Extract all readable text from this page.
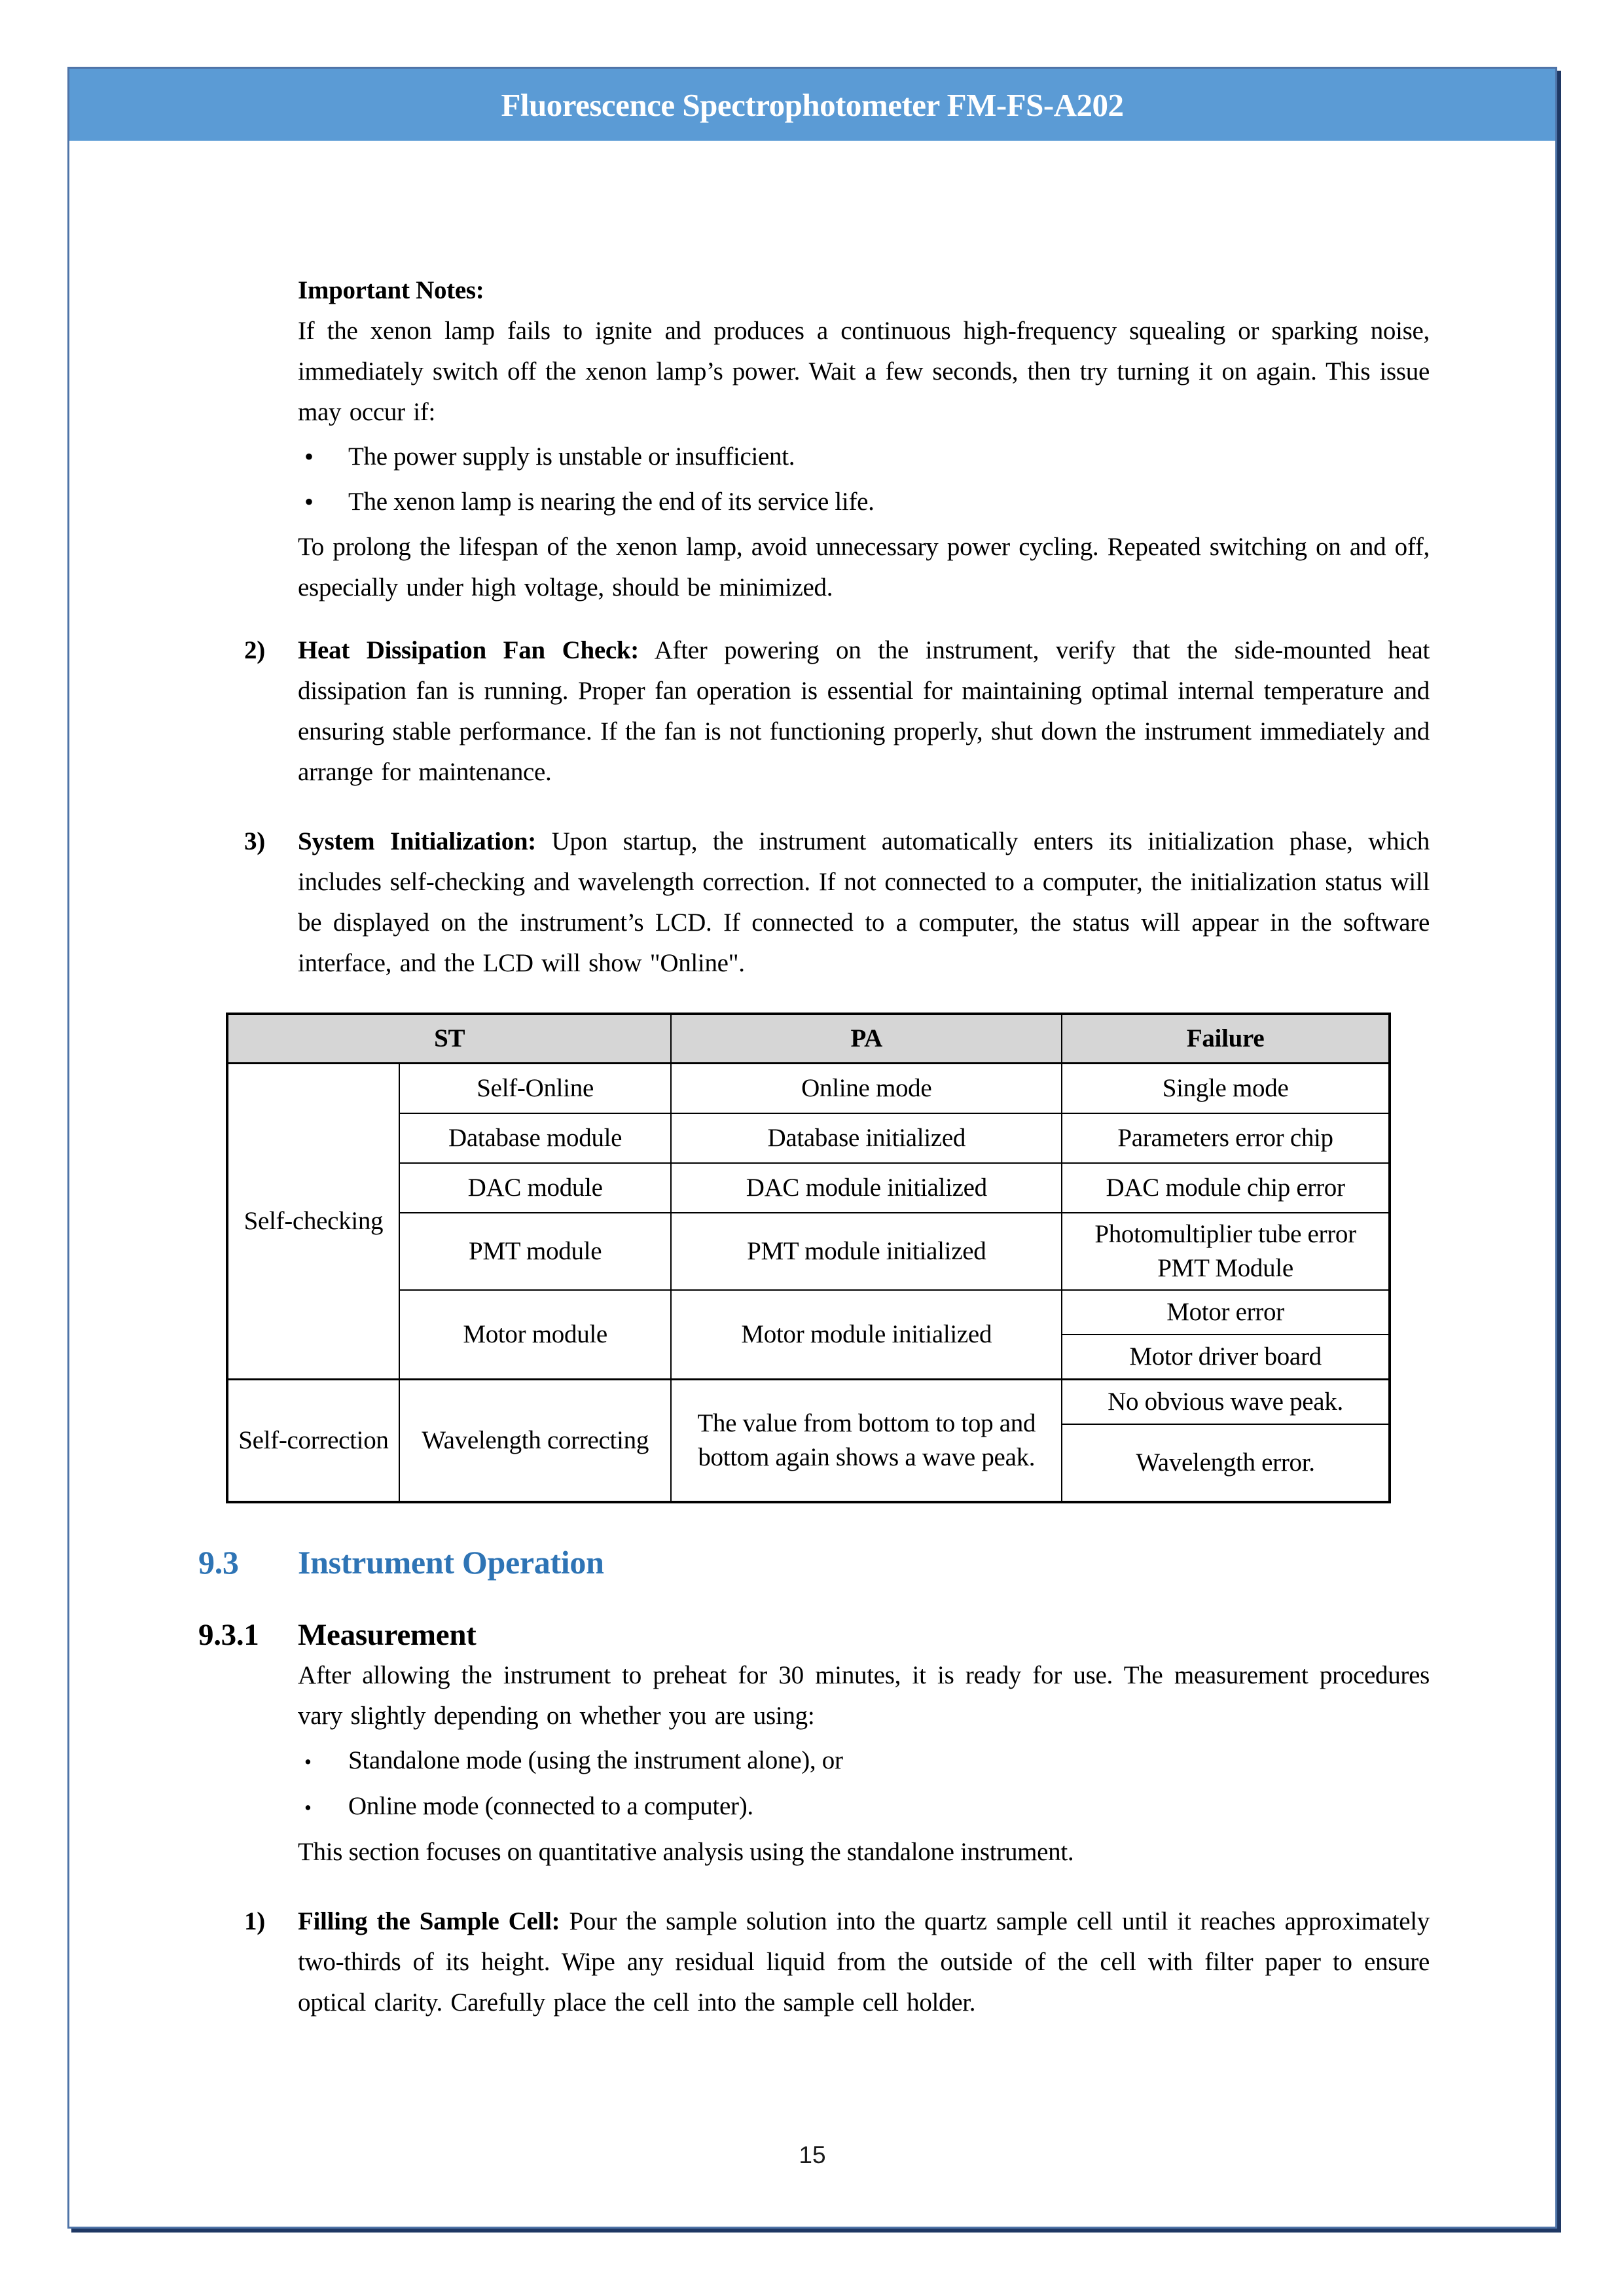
Fluorescence Spectrophotometer FM-FS-A202

Important Notes:

If the xenon lamp fails to ignite and produces a continuous high-frequency squealing or sparking noise, immediately switch off the xenon lamp’s power. Wait a few seconds, then try turning it on again. This issue may occur if:

•
The power supply is unstable or insufficient.
•
The xenon lamp is nearing the end of its service life.

To prolong the lifespan of the xenon lamp, avoid unnecessary power cycling. Repeated switching on and off, especially under high voltage, should be minimized.

2)	Heat Dissipation Fan Check: After powering on the instrument, verify that the side-mounted heat dissipation fan is running. Proper fan operation is essential for maintaining optimal internal temperature and ensuring stable performance. If the fan is not functioning properly, shut down the instrument immediately and arrange for maintenance.

3)	System Initialization: Upon startup, the instrument automatically enters its initialization phase, which includes self-checking and wavelength correction. If not connected to a computer, the initialization status will be displayed on the instrument’s LCD. If connected to a computer, the status will appear in the software interface, and the LCD will show "Online".

ST		PA	Failure
Self-checking	Self-Online	Online mode	Single mode
	Database module	Database initialized	Parameters error chip
	DAC module	DAC module initialized	DAC module chip error
	PMT module	PMT module initialized	Photomultiplier tube error PMT Module
	Motor module	Motor module initialized	Motor error
			Motor driver board
Self-correction	Wavelength correcting	The value from bottom to top and bottom again shows a wave peak.	No obvious wave peak.
			Wavelength error.
9.3	Instrument Operation
9.3.1	Measurement

After allowing the instrument to preheat for 30 minutes, it is ready for use. The measurement procedures vary slightly depending on whether you are using:

•
Standalone mode (using the instrument alone), or
•
Online mode (connected to a computer).

This section focuses on quantitative analysis using the standalone instrument.

1)	Filling the Sample Cell: Pour the sample solution into the quartz sample cell until it reaches approximately two-thirds of its height. Wipe any residual liquid from the outside of the cell with filter paper to ensure optical clarity. Carefully place the cell into the sample cell holder.

15
